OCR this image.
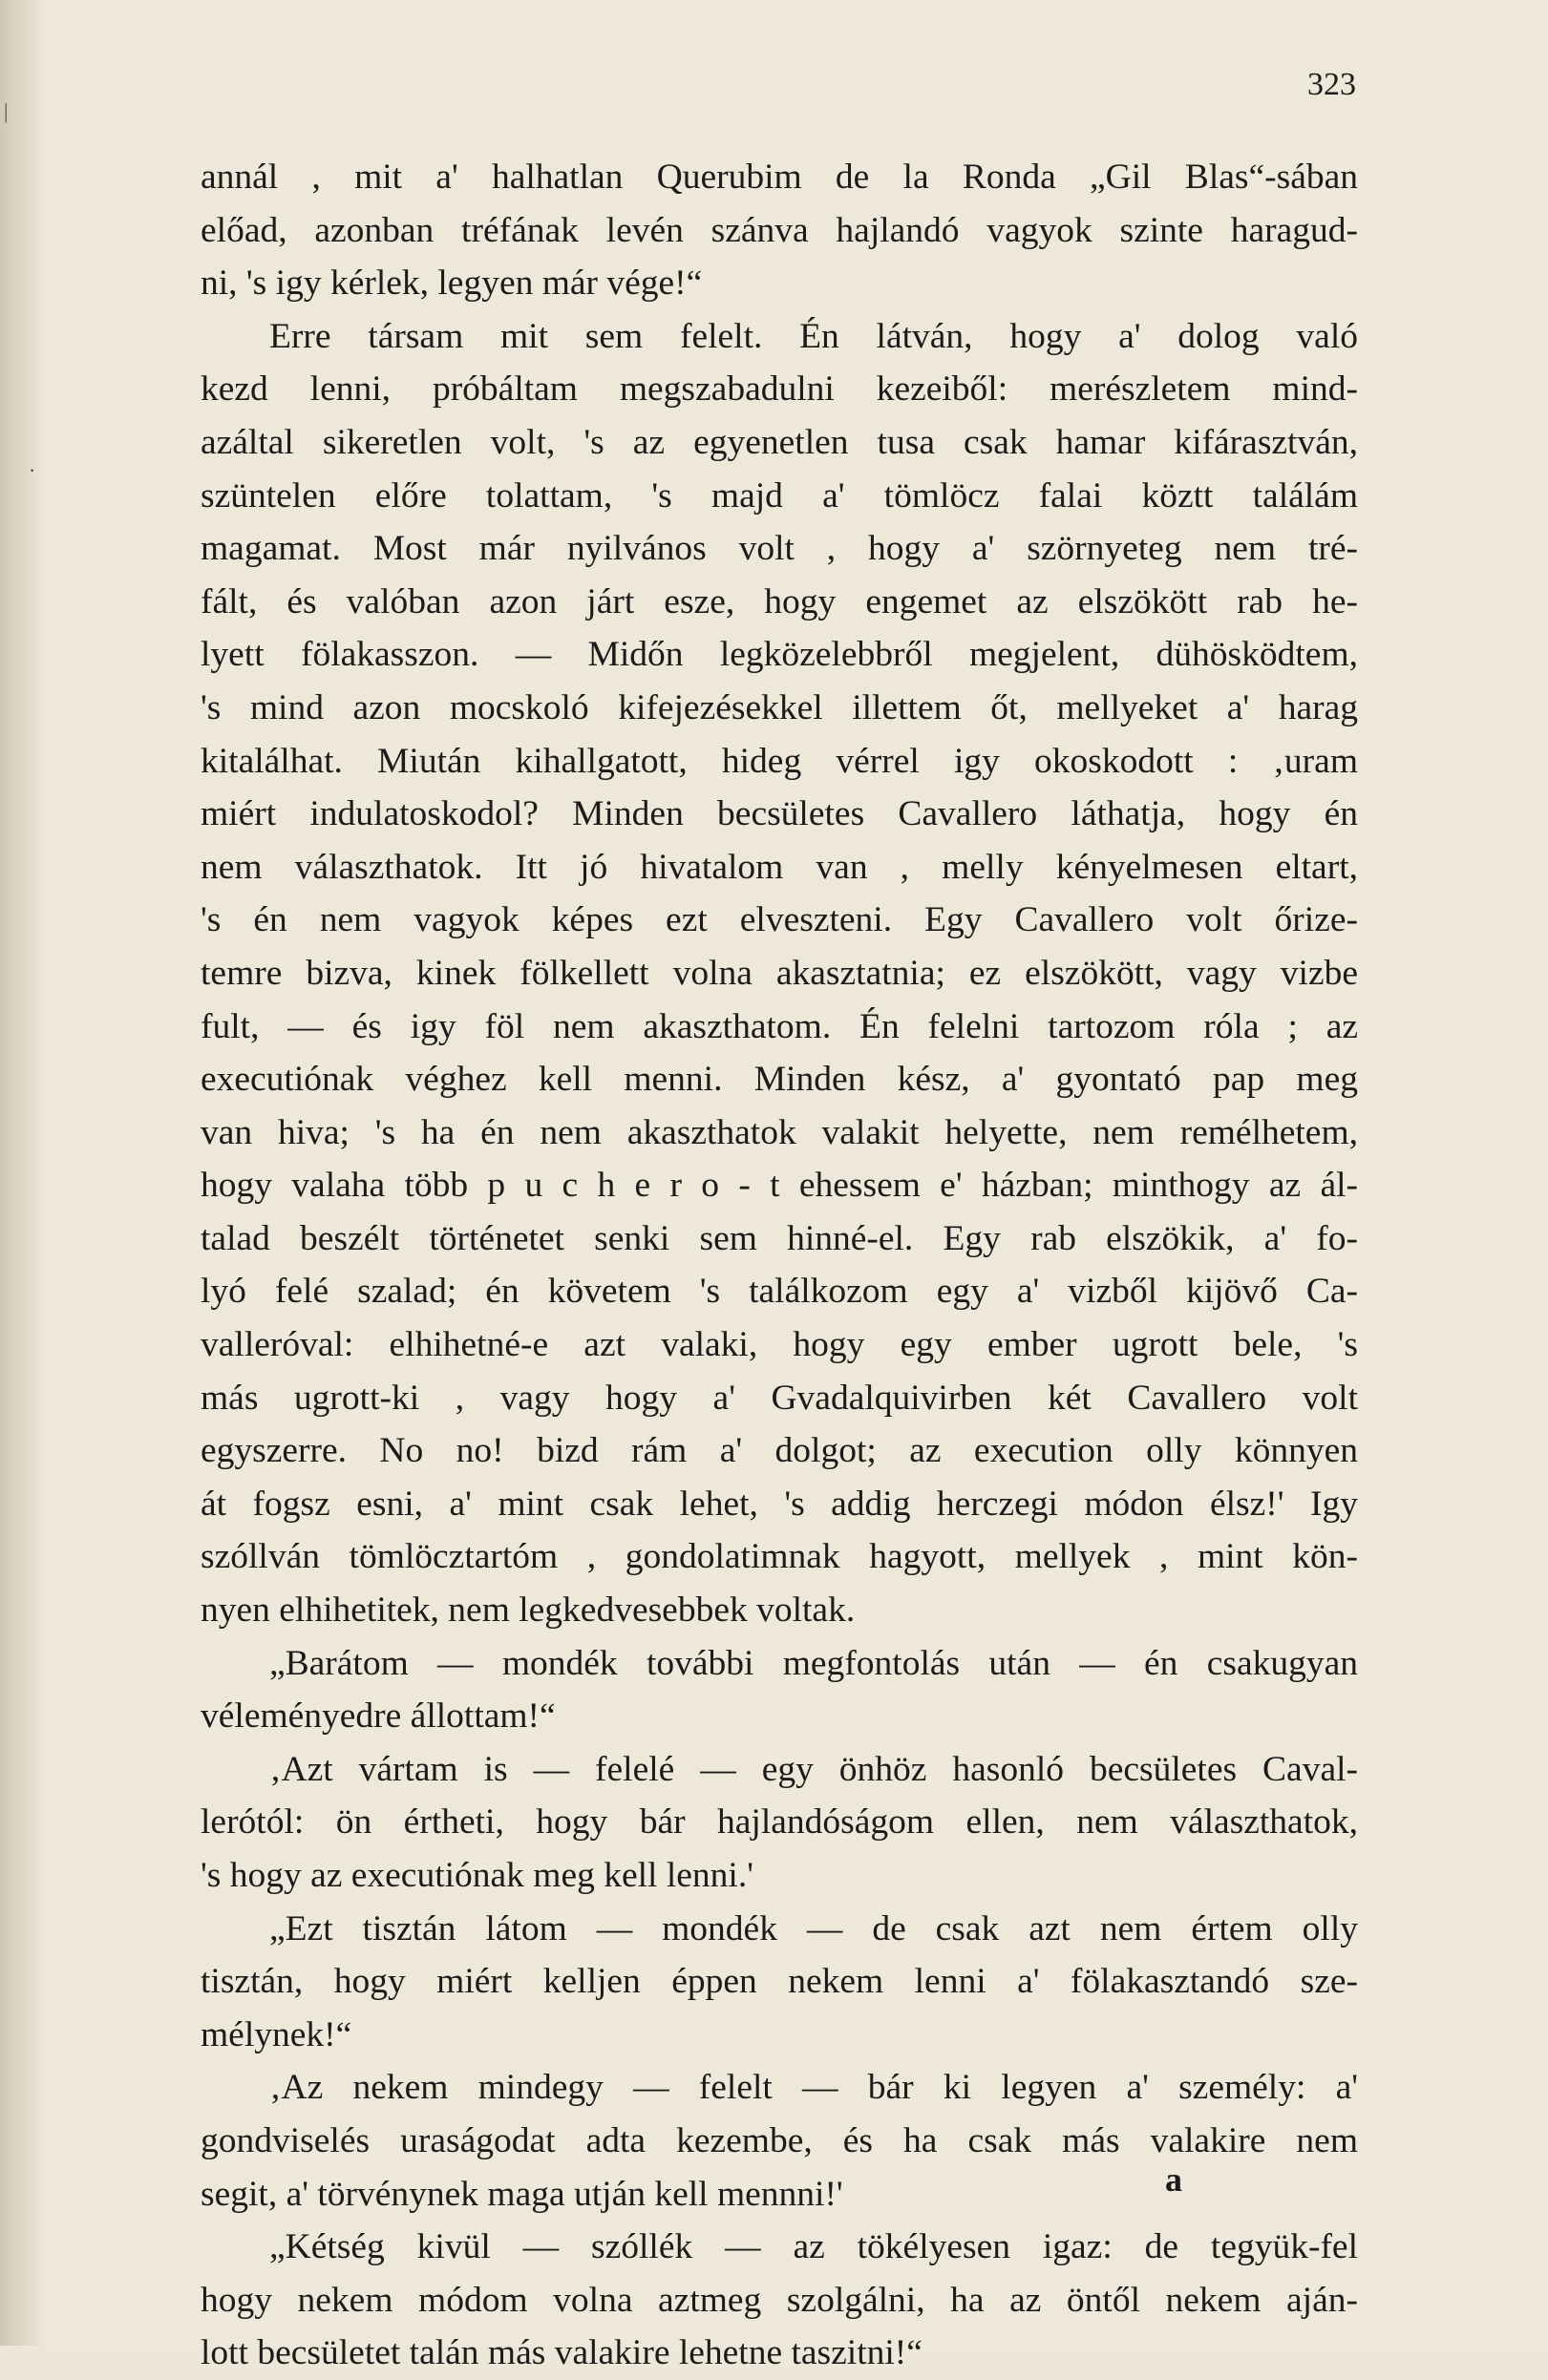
323
annál , mit a' halhatlan Querubim de la Ronda „Gil Blas“-sában
előad, azonban tréfának levén szánva hajlandó vagyok szinte haragud-
ni, 's igy kérlek, legyen már vége!“
Erre társam mit sem felelt. Én látván, hogy a' dolog való
kezd lenni, próbáltam megszabadulni kezeiből: merészletem mind-
azáltal sikeretlen volt, 's az egyenetlen tusa csak hamar kifárasztván,
szüntelen előre tolattam, 's majd a' tömlöcz falai köztt találám
magamat. Most már nyilvános volt , hogy a' szörnyeteg nem tré-
fált, és valóban azon járt esze, hogy engemet az elszökött rab he-
lyett fölakasszon. — Midőn legközelebbről megjelent, dühösködtem,
's mind azon mocskoló kifejezésekkel illettem őt, mellyeket a' harag
kitalálhat. Miután kihallgatott, hideg vérrel igy okoskodott : ‚uram
miért indulatoskodol? Minden becsületes Cavallero láthatja, hogy én
nem választhatok. Itt jó hivatalom van , melly kényelmesen eltart,
's én nem vagyok képes ezt elveszteni. Egy Cavallero volt őrize-
temre bizva, kinek fölkellett volna akasztatnia; ez elszökött, vagy vizbe
fult, — és igy föl nem akaszthatom. Én felelni tartozom róla ; az
executiónak véghez kell menni. Minden kész, a' gyontató pap meg
van hiva; 's ha én nem akaszthatok valakit helyette, nem remélhetem,
hogy valaha több p u c h e r o - t ehessem e' házban; minthogy az ál-
talad beszélt történetet senki sem hinné-el. Egy rab elszökik, a' fo-
lyó felé szalad; én követem 's találkozom egy a' vizből kijövő Ca-
valleróval: elhihetné-e azt valaki, hogy egy ember ugrott bele, 's
más ugrott-ki , vagy hogy a' Gvadalquivirben két Cavallero volt
egyszerre. No no! bizd rám a' dolgot; az execution olly könnyen
át fogsz esni, a' mint csak lehet, 's addig herczegi módon élsz!' Igy
szóllván tömlöcztartóm , gondolatimnak hagyott, mellyek , mint kön-
nyen elhihetitek, nem legkedvesebbek voltak.
„Barátom — mondék további megfontolás után — én csakugyan
véleményedre állottam!“
‚Azt vártam is — felelé — egy önhöz hasonló becsületes Caval-
lerótól: ön értheti, hogy bár hajlandóságom ellen, nem választhatok,
's hogy az executiónak meg kell lenni.'
„Ezt tisztán látom — mondék — de csak azt nem értem olly
tisztán, hogy miért kelljen éppen nekem lenni a' fölakasztandó sze-
mélynek!“
‚Az nekem mindegy — felelt — bár ki legyen a' személy: a'
gondviselés uraságodat adta kezembe, és ha csak más valakire nem
segit, a' törvénynek maga utján kell mennni!'
„Kétség kivül — szóllék — az tökélyesen igaz: de tegyük-fel
hogy nekem módom volna aztmeg szolgálni, ha az öntől nekem aján-
lott becsületet talán más valakire lehetne taszitni!“
a
|
·
